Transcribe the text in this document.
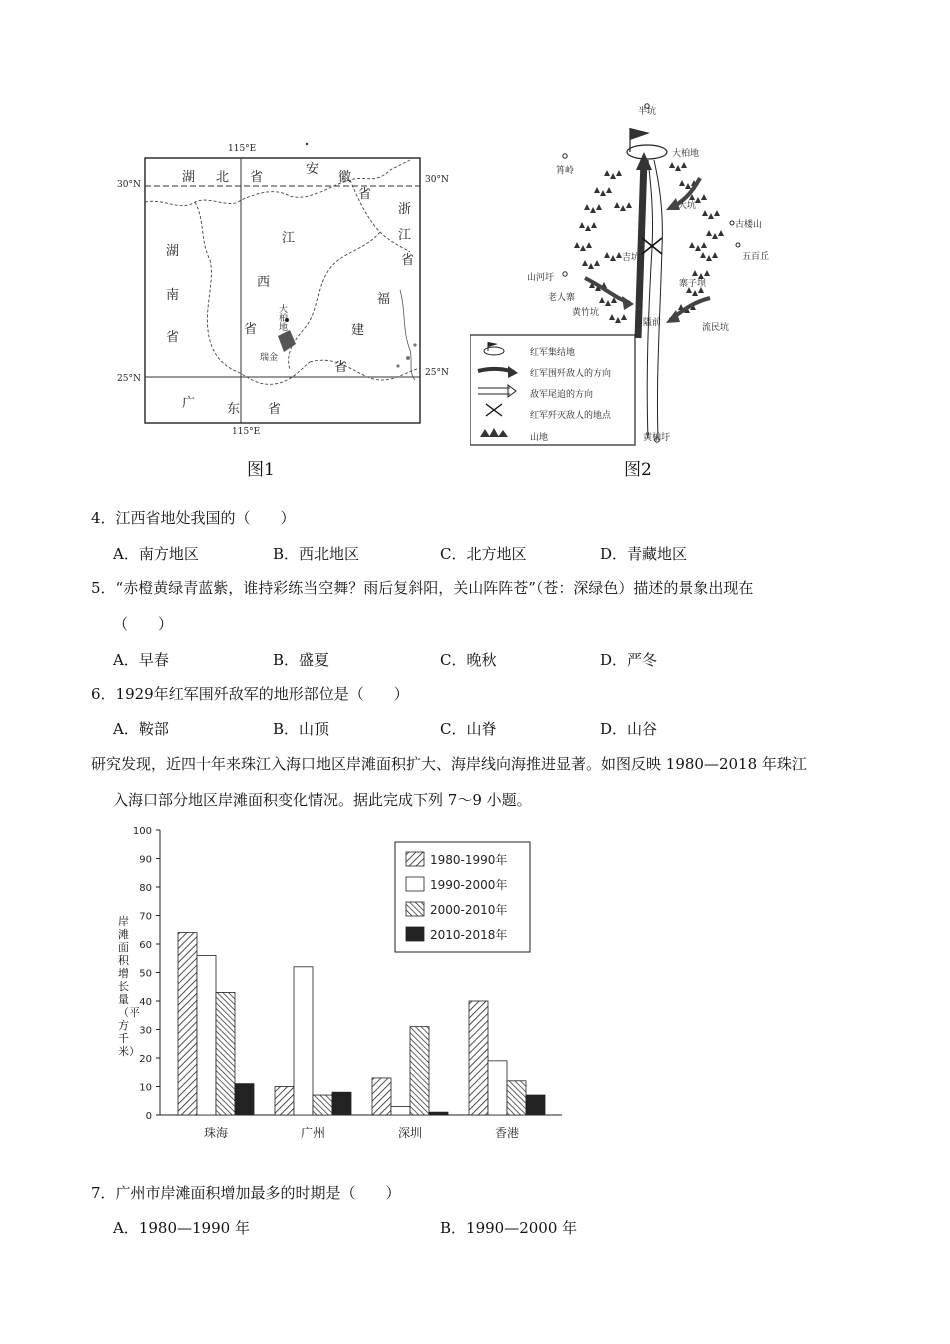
115°E
115°E
30°N	30°N
25°N
25°N
湖 北 省
安
徽
省
浙
江
省
湖
南
省
江
西
省
福
建
省
广 东 省
大柏地
瑞金
图1
半坑
大柏地
筲岭
大坑
古楼山
吉坑	五百丘
山河圩
老人寨
寨子坝
黄竹坑
隘前	流民坑
黄柏圩
红军集结地
红军围歼敌人的方向
敌军尾追的方向
红军歼灭敌人的地点
山地
图2
4．江西省地处我国的（　　）
A．南方地区	B．西北地区	C．北方地区	D．青藏地区
5．“赤橙黄绿青蓝紫，谁持彩练当空舞？雨后复斜阳，关山阵阵苍”（苍：深绿色）描述的景象出现在
（　　）
A．早春	B．盛夏	C．晚秋	D．严冬
6．1929年红军围歼敌军的地形部位是（　　）
A．鞍部	B．山顶	C．山脊	D．山谷
研究发现，近四十年来珠江入海口地区岸滩面积扩大、海岸线向海推进显著。如图反映 1980—2018 年珠江
入海口部分地区岸滩面积变化情况。据此完成下列 7～9 小题。
0
10
20
30
40
50
60
70
80
90
100
珠海	广州	深圳	香港
1980-1990年
1990-2000年
2000-2010年
2010-2018年
岸滩面积增长量（平方千米）
7．广州市岸滩面积增加最多的时期是（　　）
A．1980—1990 年	B．1990—2000 年
